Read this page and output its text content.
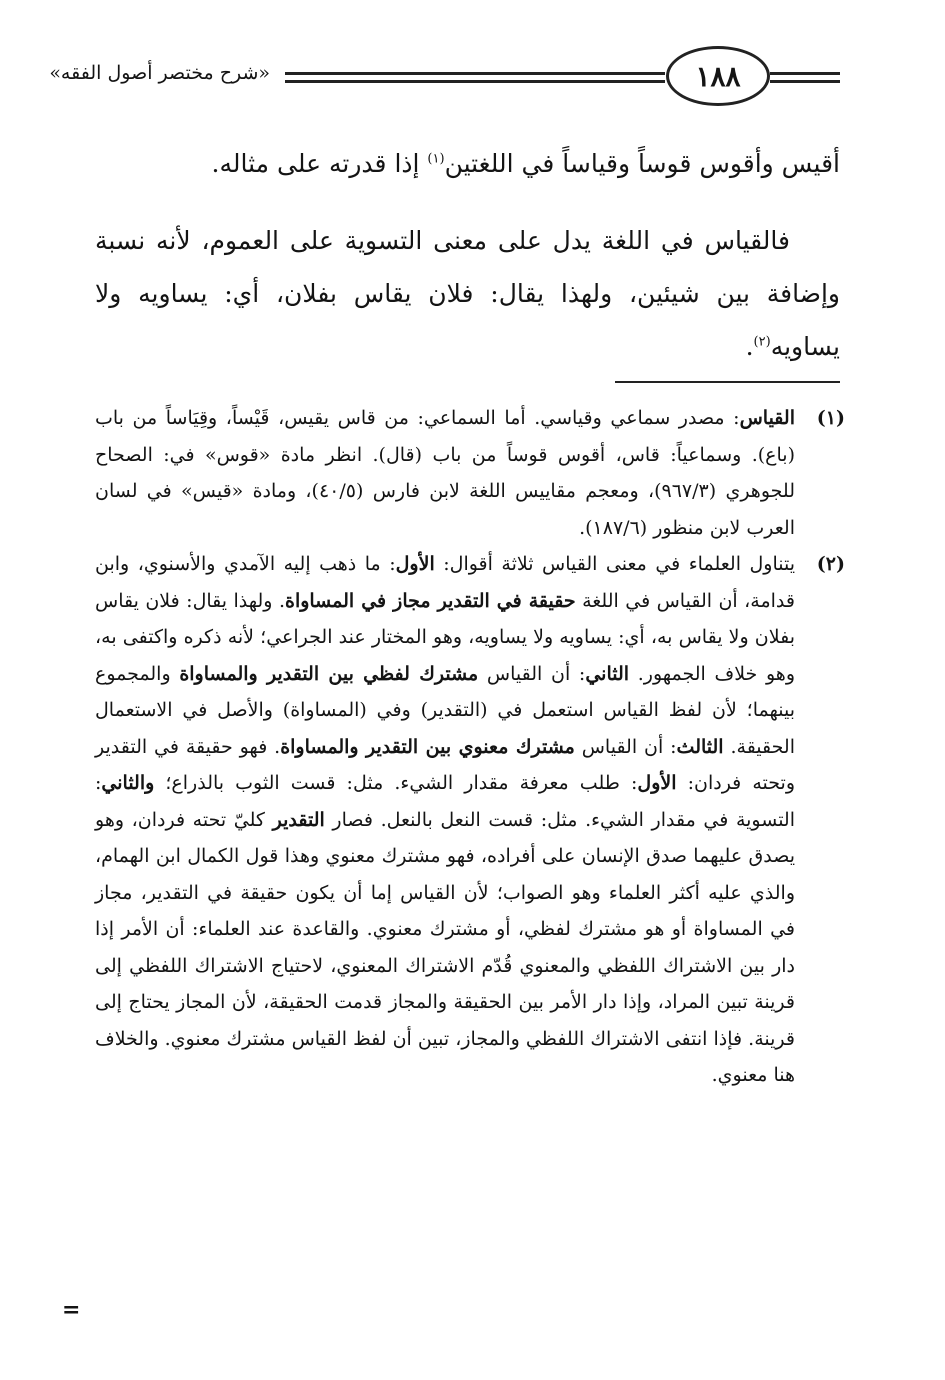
«شرح مختصر أصول الفقه»	١٨٨
أقيس وأقوس قوساً وقياساً في اللغتين$^{(١)}$ إذا قدرته على مثاله.
فالقياس في اللغة يدل على معنى التسوية على العموم، لأنه نسبة وإضافة بين شيئين، ولهذا يقال: فلان يقاس بفلان، أي: يساويه ولا يساويه$^{(٢)}$.

(١)
القياس: مصدر سماعي وقياسي. أما السماعي: من قاس يقيس، قَيْساً، وقِيَاساً من باب (باع). وسماعياً: قاس، أقوس قوساً من باب (قال). انظر مادة «قوس» في: الصحاح للجوهري (٩٦٧/٣)، ومعجم مقاييس اللغة لابن فارس (٤٠/٥)، ومادة «قيس» في لسان العرب لابن منظور (١٨٧/٦).

(٢)
يتناول العلماء في معنى القياس ثلاثة أقوال: الأول: ما ذهب إليه الآمدي والأسنوي، وابن قدامة، أن القياس في اللغة حقيقة في التقدير مجاز في المساواة. ولهذا يقال: فلان يقاس بفلان ولا يقاس به، أي: يساويه ولا يساويه، وهو المختار عند الجراعي؛ لأنه ذكره واكتفى به، وهو خلاف الجمهور. الثاني: أن القياس مشترك لفظي بين التقدير والمساواة والمجموع بينهما؛ لأن لفظ القياس استعمل في (التقدير) وفي (المساواة) والأصل في الاستعمال الحقيقة. الثالث: أن القياس مشترك معنوي بين التقدير والمساواة. فهو حقيقة في التقدير وتحته فردان: الأول: طلب معرفة مقدار الشيء. مثل: قست الثوب بالذراع؛ والثاني: التسوية في مقدار الشيء. مثل: قست النعل بالنعل. فصار التقدير كليّ تحته فردان، وهو يصدق عليهما صدق الإنسان على أفراده، فهو مشترك معنوي وهذا قول الكمال ابن الهمام، والذي عليه أكثر العلماء وهو الصواب؛ لأن القياس إما أن يكون حقيقة في التقدير، مجاز في المساواة أو هو مشترك لفظي، أو مشترك معنوي. والقاعدة عند العلماء: أن الأمر إذا دار بين الاشتراك اللفظي والمعنوي قُدّم الاشتراك المعنوي، لاحتياج الاشتراك اللفظي إلى قرينة تبين المراد، وإذا دار الأمر بين الحقيقة والمجاز قدمت الحقيقة، لأن المجاز يحتاج إلى قرينة. فإذا انتفى الاشتراك اللفظي والمجاز، تبين أن لفظ القياس مشترك معنوي. والخلاف هنا معنوي.

=
